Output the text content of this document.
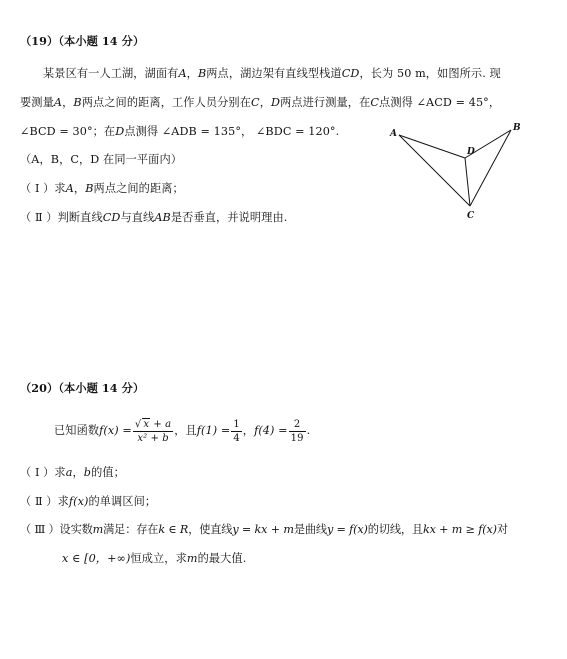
（19）（本小题 14 分）
某景区有一人工湖，湖面有A，B两点，湖边架有直线型栈道CD，长为 50 m，如图所示. 现
要测量A，B两点之间的距离，工作人员分别在C，D两点进行测量，在C点测得 ∠ACD = 45°，
∠BCD = 30°；在D点测得 ∠ADB = 135°， ∠BDC = 120°.
（A，B，C，D 在同一平面内）
（ Ⅰ ）求A，B两点之间的距离；
（ Ⅱ ）判断直线CD与直线AB是否垂直，并说明理由.
A
B
C
D
（20）（本小题 14 分）
已知函数$f(x) = \frac{√ x + a}{\text{x² + b}}$ ，且$f(1) = \frac{1}{4}$ ，$f(4) = \frac{2}{19}$ .
（ Ⅰ ）求a，b的值；
（ Ⅱ ）求f(x)的单调区间；
（ Ⅲ ）设实数m满足：存在k ∈ R，使直线y = kx + m是曲线y = f(x)的切线，且kx + m ≥ f(x)对
x ∈ [0，+∞)恒成立，求m的最大值.
